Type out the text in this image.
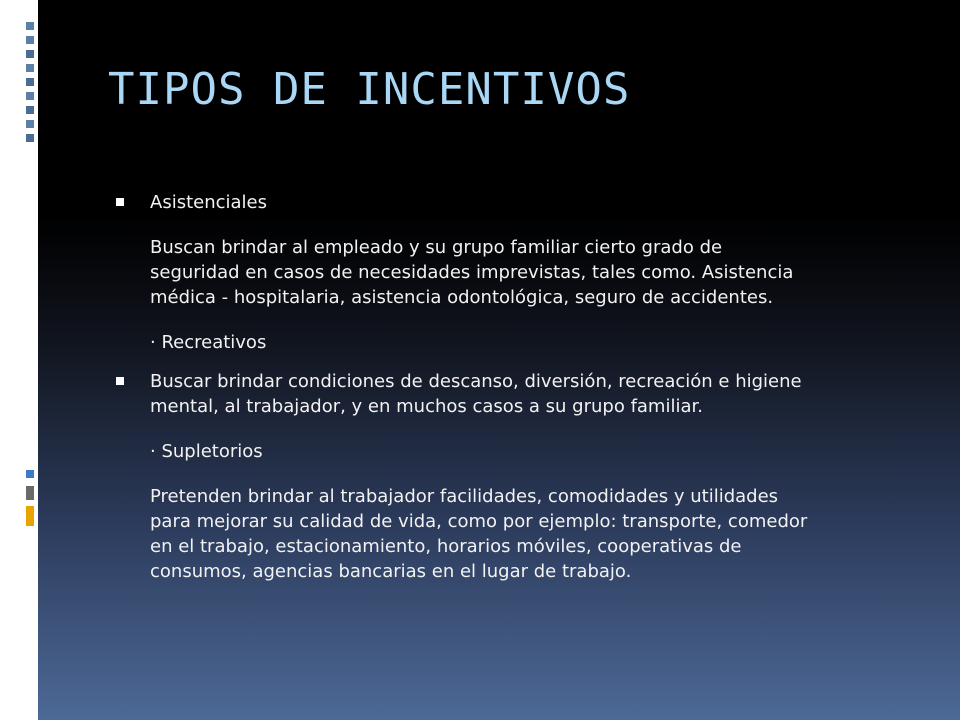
TIPOS DE INCENTIVOS
Asistenciales
Buscan brindar al empleado y su grupo familiar cierto grado de
seguridad en casos de necesidades imprevistas, tales como. Asistencia
médica - hospitalaria, asistencia odontológica, seguro de accidentes.
· Recreativos
Buscar brindar condiciones de descanso, diversión, recreación e higiene
mental, al trabajador, y en muchos casos a su grupo familiar.
· Supletorios
Pretenden brindar al trabajador facilidades, comodidades y utilidades
para mejorar su calidad de vida, como por ejemplo: transporte, comedor
en el trabajo, estacionamiento, horarios móviles, cooperativas de
consumos, agencias bancarias en el lugar de trabajo.
